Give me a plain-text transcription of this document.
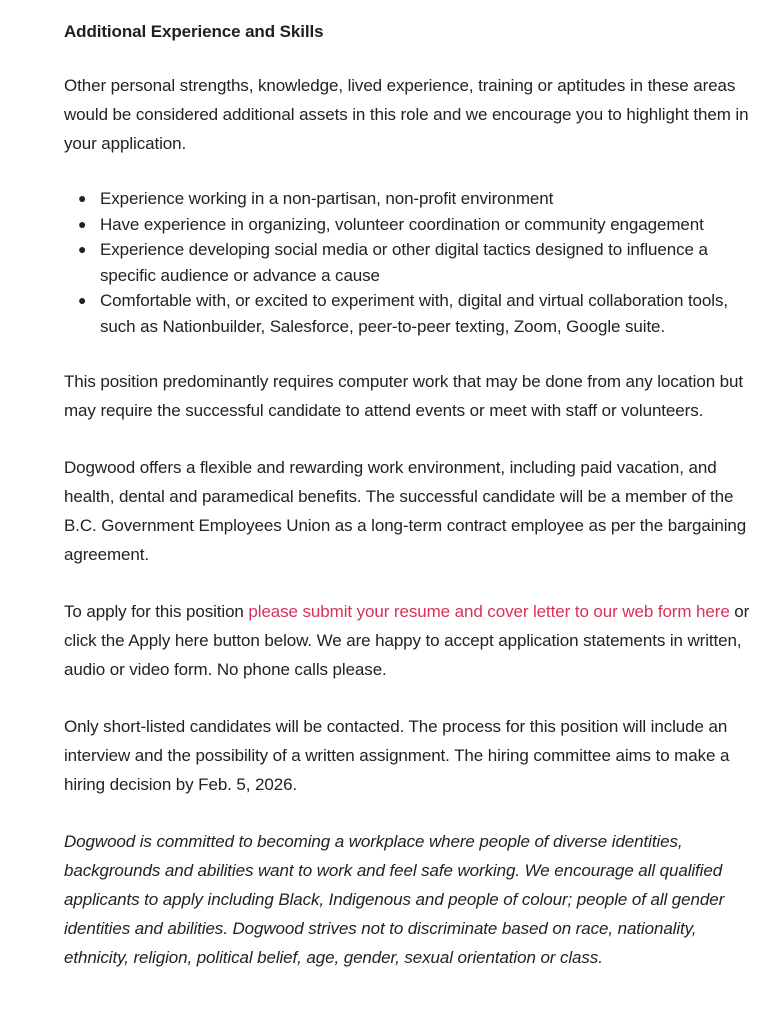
Additional Experience and Skills

Other personal strengths, knowledge, lived experience, training or aptitudes in these areas would be considered additional assets in this role and we encourage you to highlight them in your application.

● Experience working in a non-partisan, non-profit environment
● Have experience in organizing, volunteer coordination or community engagement
● Experience developing social media or other digital tactics designed to influence a specific audience or advance a cause
● Comfortable with, or excited to experiment with, digital and virtual collaboration tools, such as Nationbuilder, Salesforce, peer-to-peer texting, Zoom, Google suite.

This position predominantly requires computer work that may be done from any location but may require the successful candidate to attend events or meet with staff or volunteers.

Dogwood offers a flexible and rewarding work environment, including paid vacation, and health, dental and paramedical benefits. The successful candidate will be a member of the B.C. Government Employees Union as a long-term contract employee as per the bargaining agreement.

To apply for this position please submit your resume and cover letter to our web form here or click the Apply here button below. We are happy to accept application statements in written, audio or video form. No phone calls please.

Only short-listed candidates will be contacted. The process for this position will include an interview and the possibility of a written assignment. The hiring committee aims to make a hiring decision by Feb. 5, 2026.

Dogwood is committed to becoming a workplace where people of diverse identities, backgrounds and abilities want to work and feel safe working. We encourage all qualified applicants to apply including Black, Indigenous and people of colour; people of all gender identities and abilities. Dogwood strives not to discriminate based on race, nationality, ethnicity, religion, political belief, age, gender, sexual orientation or class.
